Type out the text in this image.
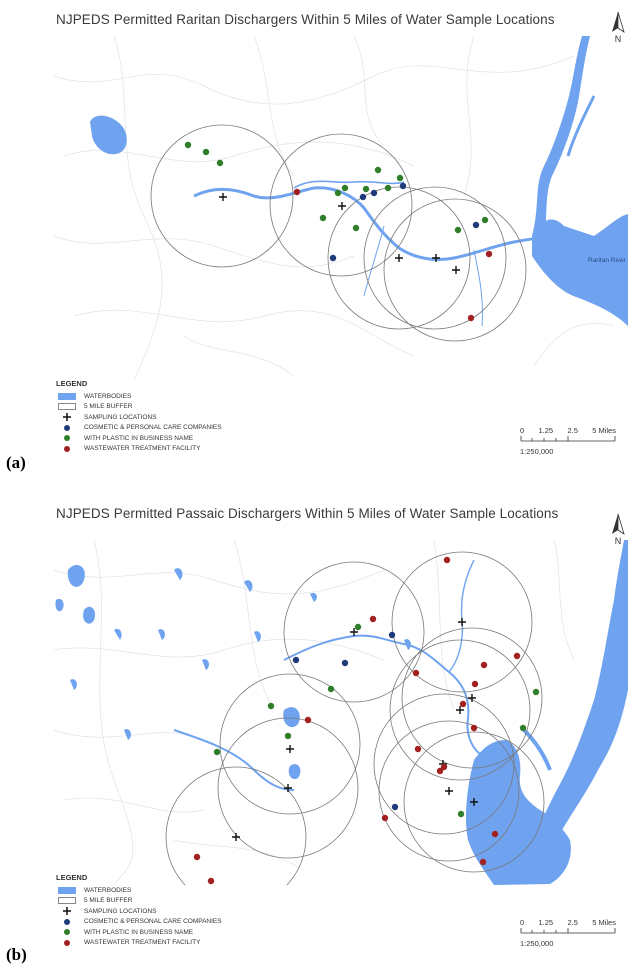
NJPEDS Permitted Raritan Dischargers Within 5 Miles of Water Sample Locations
N
Raritan River
LEGEND
WATERBODIES
5 MILE BUFFER
SAMPLING LOCATIONS
COSMETIC & PERSONAL CARE COMPANIES
WITH PLASTIC IN BUSINESS NAME
WASTEWATER TREATMENT FACILITY
0 1.25 2.5 5 Miles
1:250,000
(a)
NJPEDS Permitted Passaic Dischargers Within 5 Miles of Water Sample Locations
N
LEGEND
WATERBODIES
5 MILE BUFFER
SAMPLING LOCATIONS
COSMETIC & PERSONAL CARE COMPANIES
WITH PLASTIC IN BUSINESS NAME
WASTEWATER TREATMENT FACILITY
0 1.25 2.5 5 Miles
1:250,000
(b)
